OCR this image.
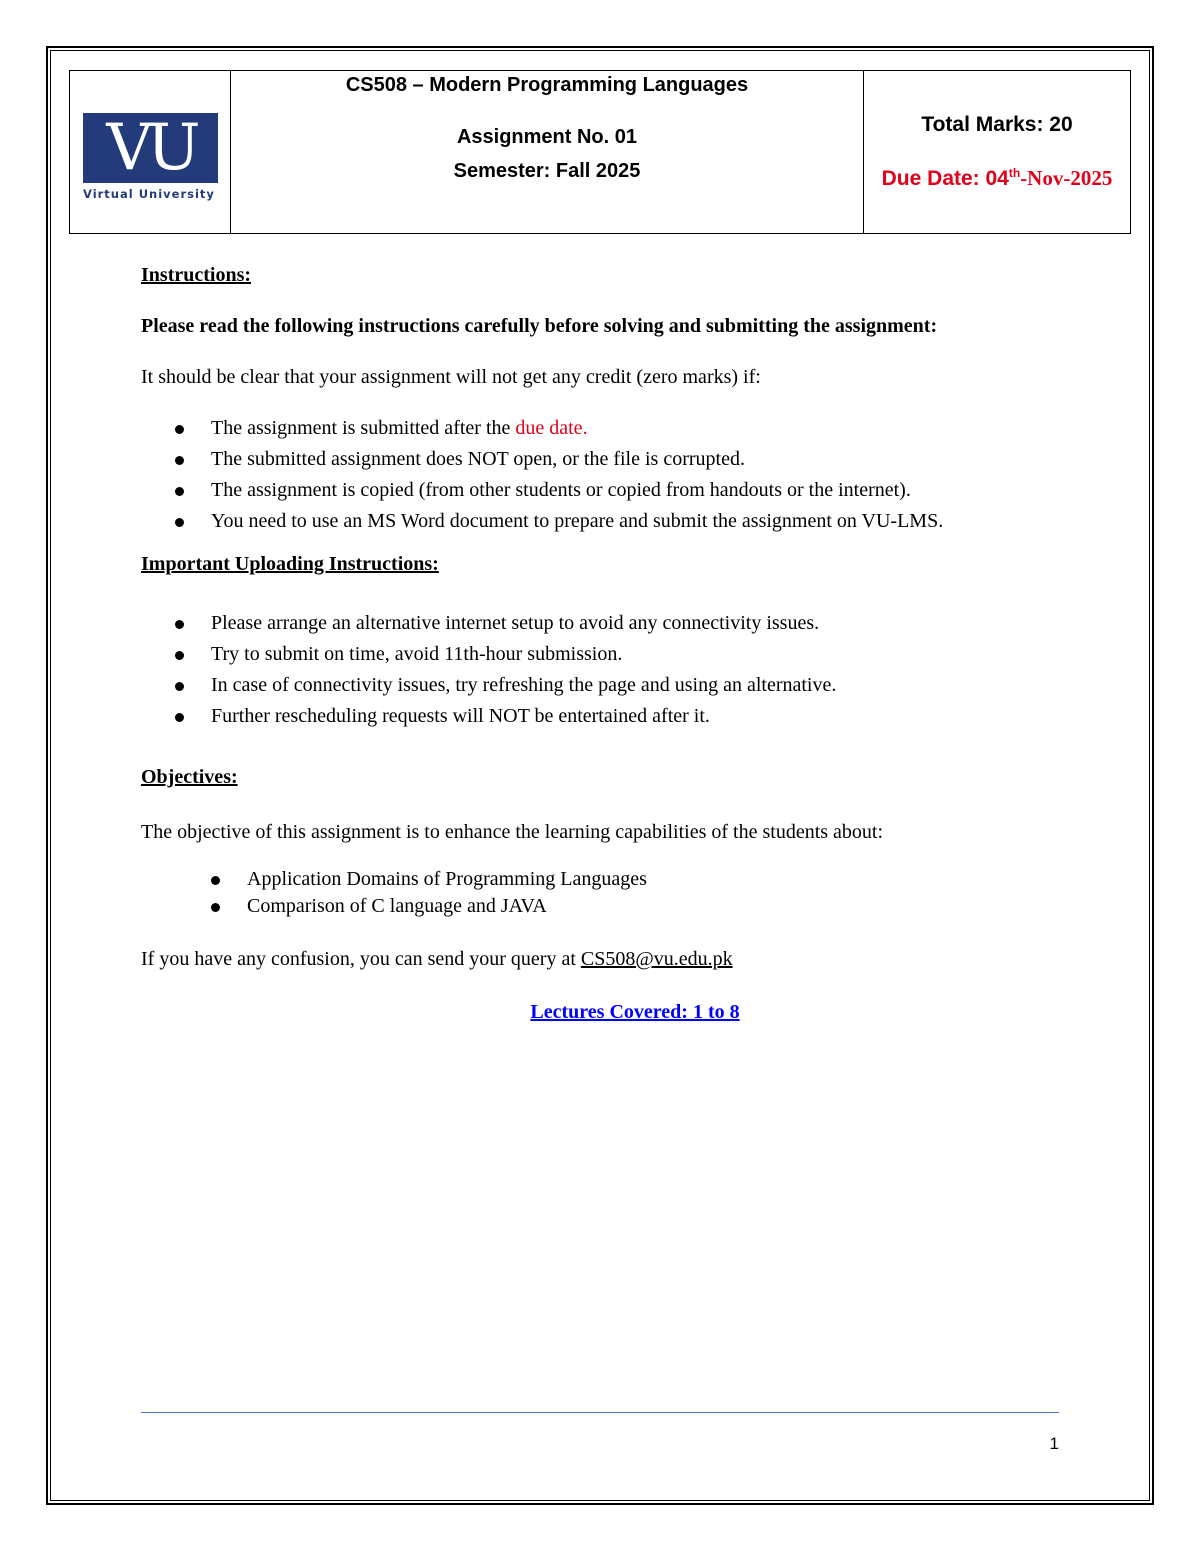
VU
Virtual University
CS508 – Modern Programming Languages
Assignment No. 01
Semester: Fall 2025
Total Marks: 20
Due Date: 04th-Nov-2025

Instructions:

Please read the following instructions carefully before solving and submitting the assignment:

It should be clear that your assignment will not get any credit (zero marks) if:

The assignment is submitted after the due date.
The submitted assignment does NOT open, or the file is corrupted.
The assignment is copied (from other students or copied from handouts or the internet).
You need to use an MS Word document to prepare and submit the assignment on VU-LMS.

Important Uploading Instructions:

Please arrange an alternative internet setup to avoid any connectivity issues.
Try to submit on time, avoid 11th-hour submission.
In case of connectivity issues, try refreshing the page and using an alternative.
Further rescheduling requests will NOT be entertained after it.

Objectives:

The objective of this assignment is to enhance the learning capabilities of the students about:

Application Domains of Programming Languages
Comparison of C language and JAVA

If you have any confusion, you can send your query at CS508@vu.edu.pk

Lectures Covered: 1 to 8

1
